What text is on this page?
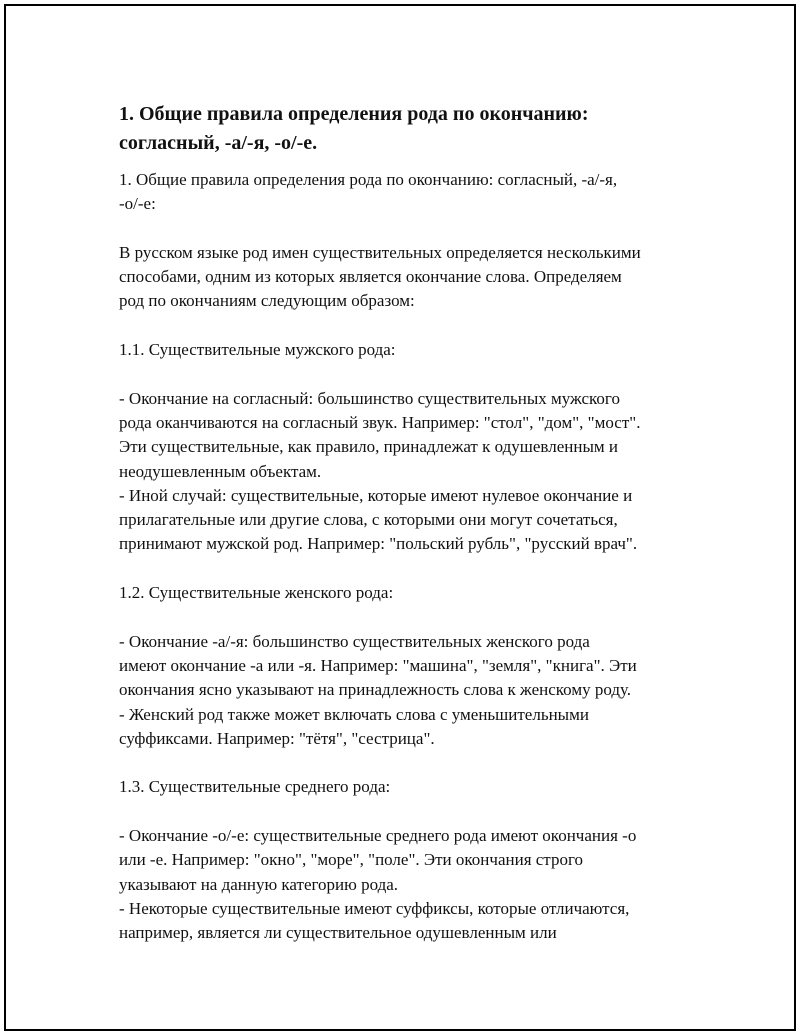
1. Общие правила определения рода по окончанию:
согласный, -а/-я, -о/-е.
1. Общие правила определения рода по окончанию: согласный, -а/-я,
-о/-е:
В русском языке род имен существительных определяется несколькими
способами, одним из которых является окончание слова. Определяем
род по окончаниям следующим образом:
1.1. Существительные мужского рода:
- Окончание на согласный: большинство существительных мужского
рода оканчиваются на согласный звук. Например: "стол", "дом", "мост".
Эти существительные, как правило, принадлежат к одушевленным и
неодушевленным объектам.
- Иной случай: существительные, которые имеют нулевое окончание и
прилагательные или другие слова, с которыми они могут сочетаться,
принимают мужской род. Например: "польский рубль", "русский врач".
1.2. Существительные женского рода:
- Окончание -а/-я: большинство существительных женского рода
имеют окончание -а или -я. Например: "машина", "земля", "книга". Эти
окончания ясно указывают на принадлежность слова к женскому роду.
- Женский род также может включать слова с уменьшительными
суффиксами. Например: "тётя", "сестрица".
1.3. Существительные среднего рода:
- Окончание -о/-е: существительные среднего рода имеют окончания -о
или -е. Например: "окно", "море", "поле". Эти окончания строго
указывают на данную категорию рода.
- Некоторые существительные имеют суффиксы, которые отличаются,
например, является ли существительное одушевленным или
